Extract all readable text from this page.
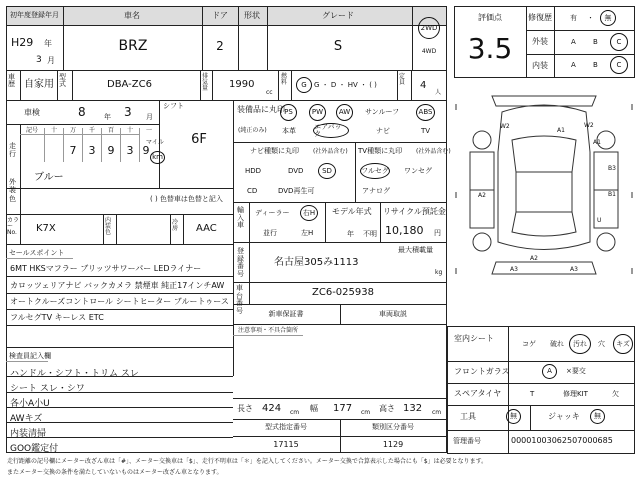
初年度登録年月	車名	ドア 形状	グレード
H29 年
3 月
BRZ	2	S
2WD
4WD
車歴 自家用
型式	DBA-ZC6
排気量 1990
cc
燃料	G	G ・ D ・ HV ・ ( )
定員 4
人
車検	8	年 3 月
シフト
6F
走行
記号 十 万 千 百 十 一
7 3 9 3 9
マイル
km
外装色
ブルー
( ) 色替車は色替と記入
カラー No. K7X
内装色
冷房 AAC
セールスポイント
6MT HKSマフラー ブリッツサワーパー LEDライナー
カロッツェリアナビ バックカメラ 禁煙車 純正17インチAW
オートクルーズコントロール シートヒーター ブルートゥース
フルセグTV キーレス ETC
検査員記入欄
ハンドル・シフト・トリム スレ
シート スレ・シワ
各小A小U
AWキズ
内装清掃
GOO鑑定付
装備品に丸印
(純正のみ)
PS	PW AW サンルーフ	ABS
本革
エアバック	ナビ	TV
ナビ種類に丸印 (社外品含む)
HDD	DVD	SD
CD	DVD再生可
TV種類に丸印 (社外品含む)
フルセグ ワンセグ
アナログ
輸入車
ディーラー 右H
並行	左H
モデル年式
年 不明
リサイクル預託金
10,180 円
登録番号
最大積載量
名古屋305み1113
kg
車台番号
ZC6-025938
新車保証書	車両取説
注意事項・不具合箇所
長さ 424 cm 幅 177 cm 高さ 132 cm
型式指定番号	類別区分番号
17115	1129
評価点
3.5
修復歴	有 ・ 無
外装	A B	C
内装	A B	C
A1
A1
W2	W2
B3
B1
A2
A2
A3	A3
U
室内シート
コゲ 破れ 汚れ 穴 キズ
フロントガラス	A ×要交
スペアタイヤ	T	修理KIT	欠
工具	無	ジャッキ 無
管理番号	00001003062507000685
走行距離の記号欄にメーター改ざん車は「#」、メーター交換車は「$」、走行不明車は「＊」を記入してください。メーター交換で合算表示した場合にも「$」は必要となります。
またメーター交換の条件を満たしていないものはメーター改ざん車となります。
